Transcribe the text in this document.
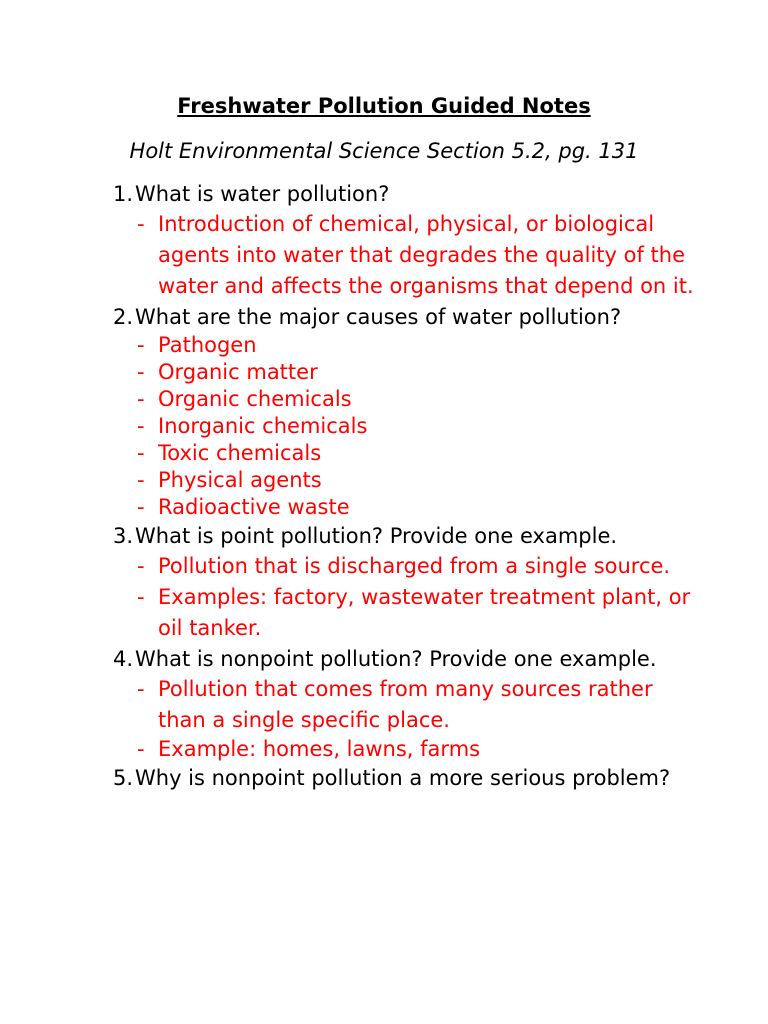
Freshwater Pollution Guided Notes

Holt Environmental Science Section 5.2, pg. 131

1. What is water pollution?
- Introduction of chemical, physical, or biological agents into water that degrades the quality of the water and affects the organisms that depend on it.
2. What are the major causes of water pollution?
- Pathogen
- Organic matter
- Organic chemicals
- Inorganic chemicals
- Toxic chemicals
- Physical agents
- Radioactive waste
3. What is point pollution? Provide one example.
- Pollution that is discharged from a single source.
- Examples: factory, wastewater treatment plant, or oil tanker.
4. What is nonpoint pollution? Provide one example.
- Pollution that comes from many sources rather than a single specific place.
- Example: homes, lawns, farms
5. Why is nonpoint pollution a more serious problem?
